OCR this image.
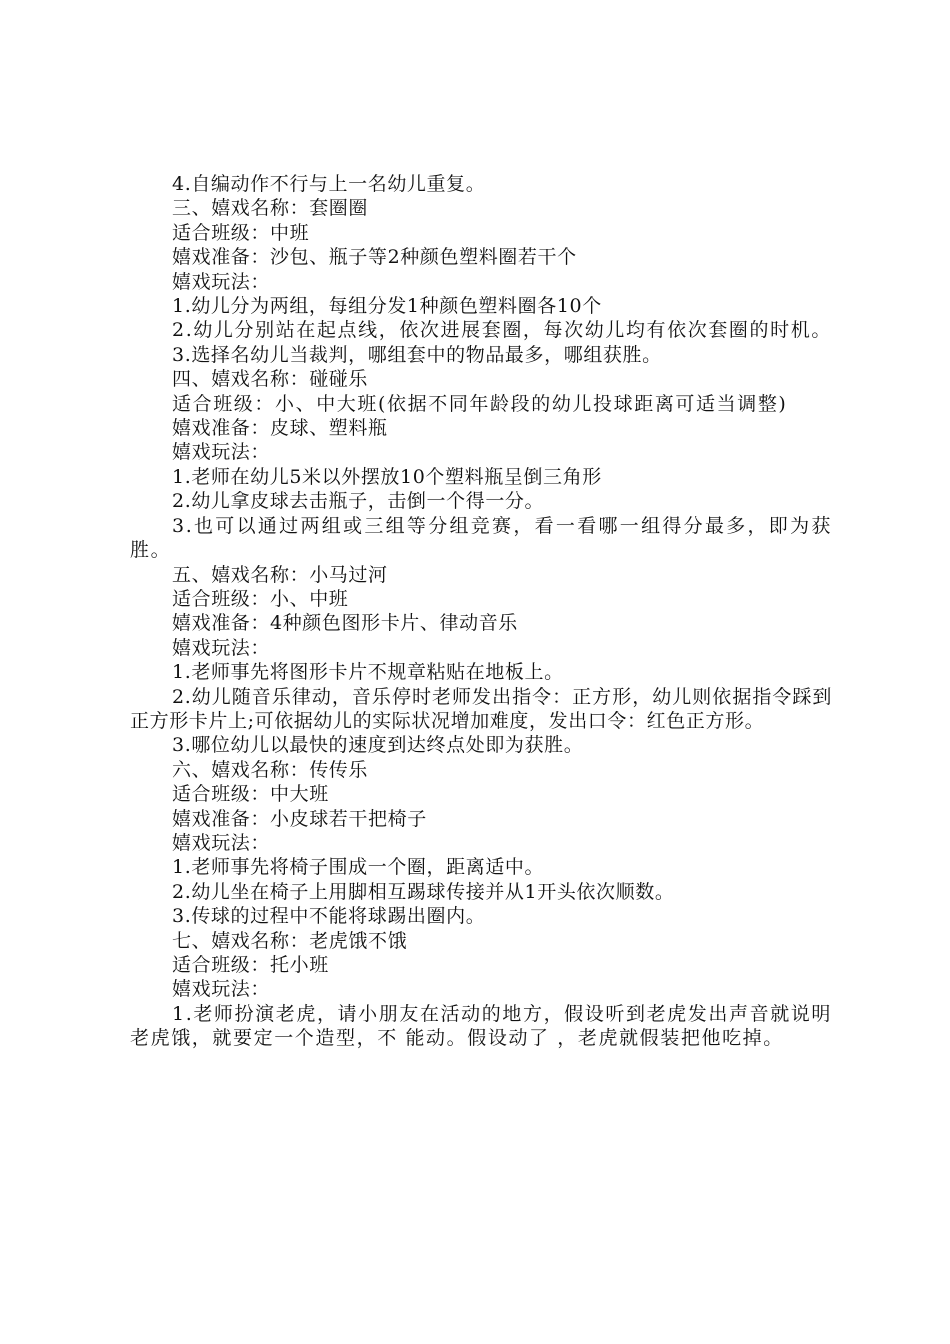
4.自编动作不行与上一名幼儿重复。

三、嬉戏名称：套圈圈

适合班级：中班

嬉戏准备：沙包、瓶子等2种颜色塑料圈若干个

嬉戏玩法：

1.幼儿分为两组，每组分发1种颜色塑料圈各10个

2.幼儿分别站在起点线，依次进展套圈，每次幼儿均有依次套圈的时机。

3.选择名幼儿当裁判，哪组套中的物品最多，哪组获胜。

四、嬉戏名称：碰碰乐

适合班级：小、中大班(依据不同年龄段的幼儿投球距离可适当调整)

嬉戏准备：皮球、塑料瓶

嬉戏玩法：

1.老师在幼儿5米以外摆放10个塑料瓶呈倒三角形

2.幼儿拿皮球去击瓶子，击倒一个得一分。

3.也可以通过两组或三组等分组竞赛，看一看哪一组得分最多，即为获胜。

五、嬉戏名称：小马过河

适合班级：小、中班

嬉戏准备：4种颜色图形卡片、律动音乐

嬉戏玩法：

1.老师事先将图形卡片不规章粘贴在地板上。

2.幼儿随音乐律动，音乐停时老师发出指令：正方形，幼儿则依据指令踩到正方形卡片上;可依据幼儿的实际状况增加难度，发出口令：红色正方形。

3.哪位幼儿以最快的速度到达终点处即为获胜。

六、嬉戏名称：传传乐

适合班级：中大班

嬉戏准备：小皮球若干把椅子

嬉戏玩法：

1.老师事先将椅子围成一个圈，距离适中。

2.幼儿坐在椅子上用脚相互踢球传接并从1开头依次顺数。

3.传球的过程中不能将球踢出圈内。

七、嬉戏名称：老虎饿不饿

适合班级：托小班

嬉戏玩法：

1.老师扮演老虎，请小朋友在活动的地方，假设听到老虎发出声音就说明老虎饿，就要定一个造型，不 能动。假设动了 ，老虎就假装把他吃掉。
